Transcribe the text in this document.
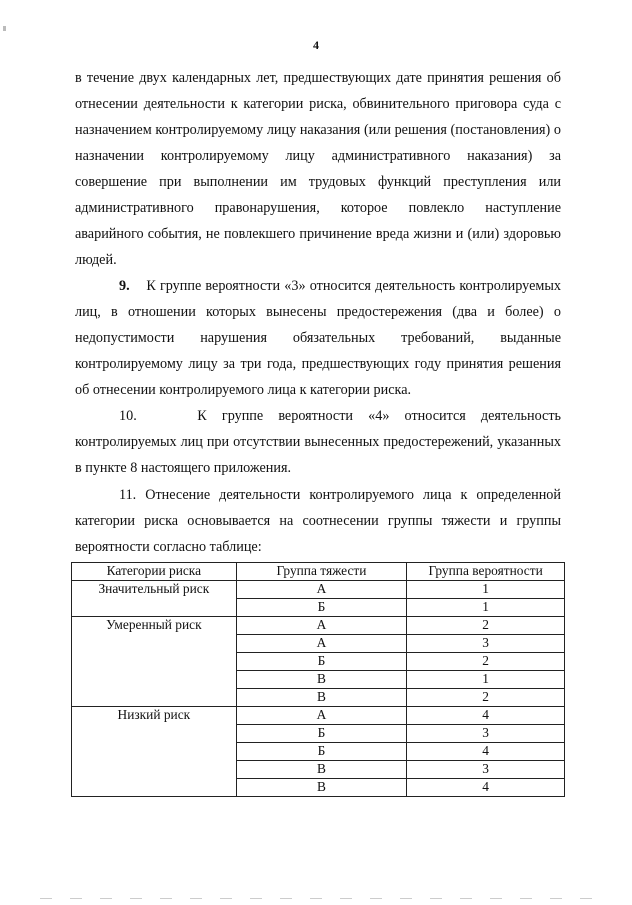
4

в течение двух календарных лет, предшествующих дате принятия решения об отнесении деятельности к категории риска, обвинительного приговора суда с назначением контролируемому лицу наказания (или решения (постановления) о назначении контролируемому лицу административного наказания) за совершение при выполнении им трудовых функций преступления или административного правонарушения, которое повлекло наступление аварийного события, не повлекшего причинение вреда жизни и (или) здоровью людей.

9. К группе вероятности «3» относится деятельность контролируемых лиц, в отношении которых вынесены предостережения (два и более) о недопустимости нарушения обязательных требований, выданные контролируемому лицу за три года, предшествующих году принятия решения об отнесении контролируемого лица к категории риска.

10.	К группе вероятности «4» относится деятельность контролируемых лиц при отсутствии вынесенных предостережений, указанных в пункте 8 настоящего приложения.

11. Отнесение деятельности контролируемого лица к определенной категории риска основывается на соотнесении группы тяжести и группы вероятности согласно таблице:

Категории риска	Группа тяжести	Группа вероятности
Значительный риск	А	1
	Б	1
Умеренный риск	А	2
	А	3
	Б	2
	В	1
	В	2
Низкий риск	А	4
	Б	3
	Б	4
	В	3
	В	4
